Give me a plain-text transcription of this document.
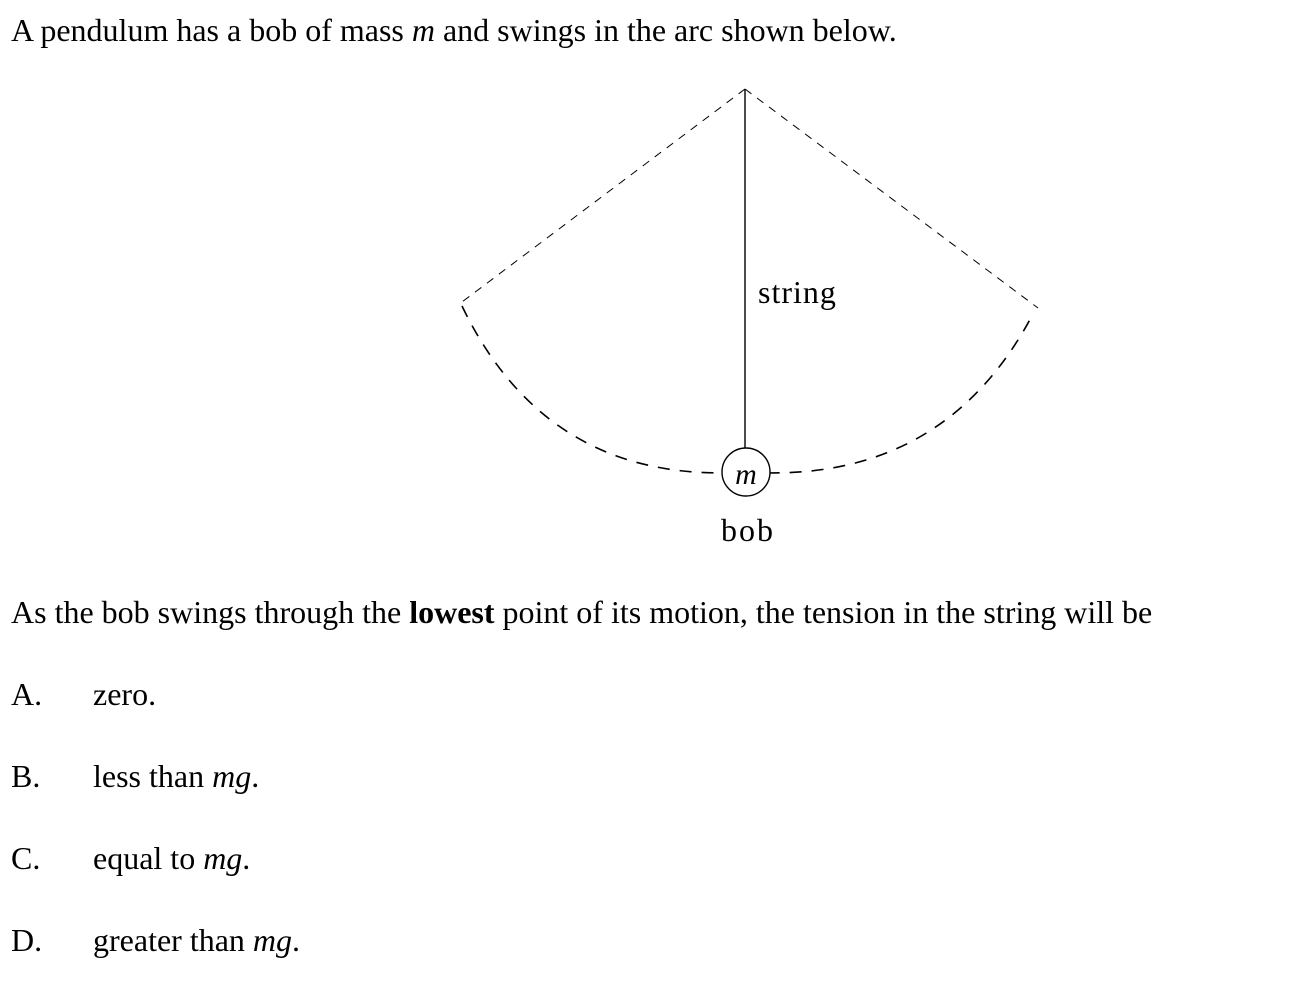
A pendulum has a bob of mass m and swings in the arc shown below.
m
string
bob
As the bob swings through the lowest point of its motion, the tension in the string will be
A. zero.
B. less than mg.
C. equal to mg.
D. greater than mg.
